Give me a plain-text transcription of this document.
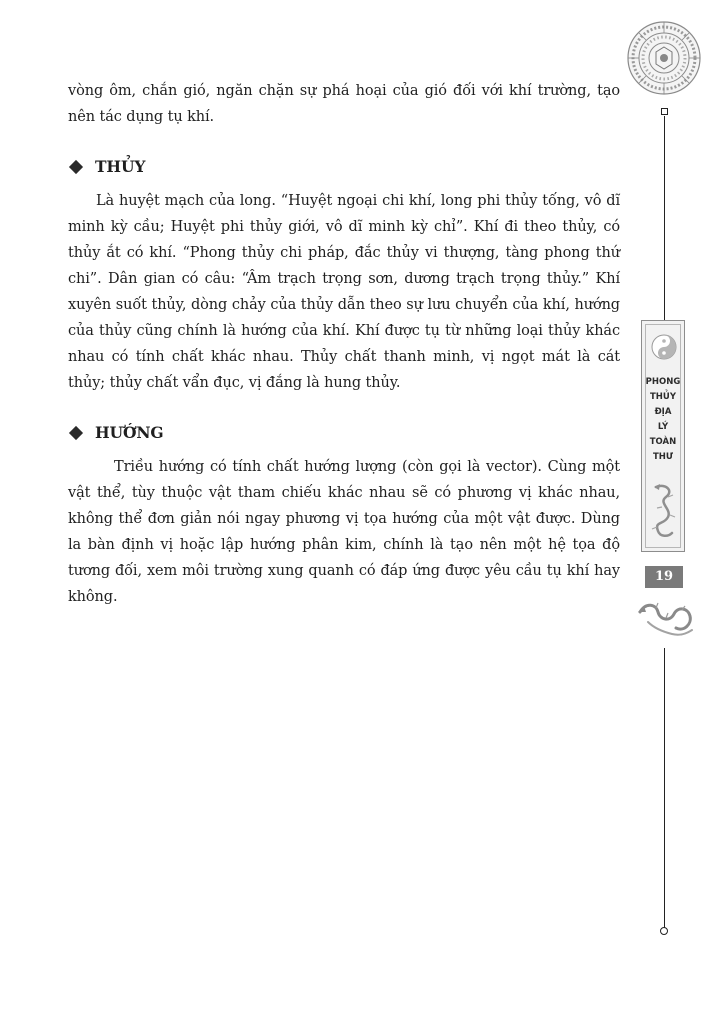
vòng ôm, chắn gió, ngăn chặn sự phá hoại của gió đối với khí trường, tạo nên tác dụng tụ khí.

THỦY

Là huyệt mạch của long. “Huyệt ngoại chi khí, long phi thủy tống, vô dĩ minh kỳ cầu; Huyệt phi thủy giới, vô dĩ minh kỳ chỉ”. Khí đi theo thủy, có thủy ắt có khí. “Phong thủy chi pháp, đắc thủy vi thượng, tàng phong thứ chi”. Dân gian có câu: “Âm trạch trọng sơn, dương trạch trọng thủy.” Khí xuyên suốt thủy, dòng chảy của thủy dẫn theo sự lưu chuyển của khí, hướng của thủy cũng chính là hướng của khí. Khí được tụ từ những loại thủy khác nhau có tính chất khác nhau. Thủy chất thanh minh, vị ngọt mát là cát thủy; thủy chất vẩn đục, vị đắng là hung thủy.

HƯỚNG

Triều hướng có tính chất hướng lượng (còn gọi là vector). Cùng một vật thể, tùy thuộc vật tham chiếu khác nhau sẽ có phương vị khác nhau, không thể đơn giản nói ngay phương vị tọa hướng của một vật được. Dùng la bàn định vị hoặc lập hướng phân kim, chính là tạo nên một hệ tọa độ tương đối, xem môi trường xung quanh có đáp ứng được yêu cầu tụ khí hay không.

PHONG
THỦY
ĐỊA
LÝ
TOÀN
THƯ
19
